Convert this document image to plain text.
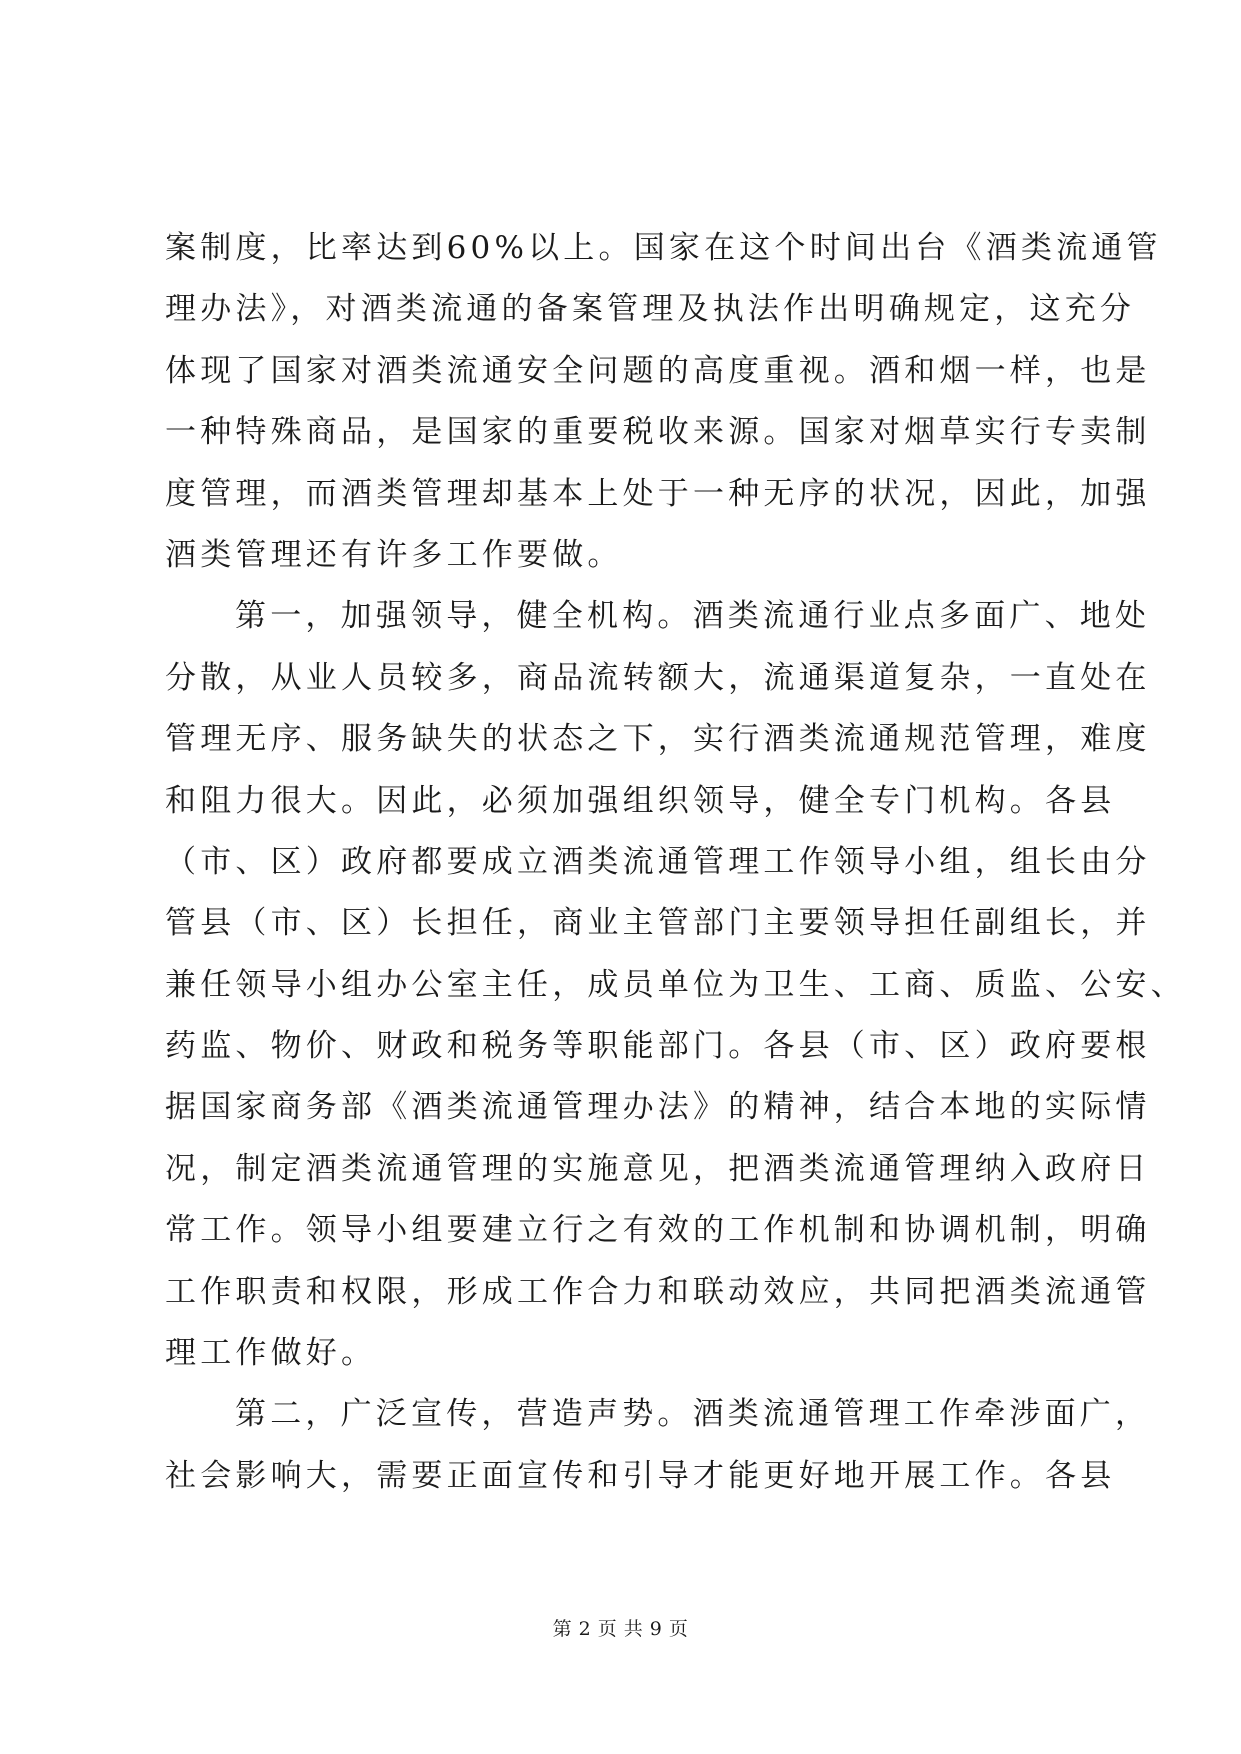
案制度，比率达到60%以上。国家在这个时间出台《酒类流通管
理办法》，对酒类流通的备案管理及执法作出明确规定，这充分
体现了国家对酒类流通安全问题的高度重视。酒和烟一样，也是
一种特殊商品，是国家的重要税收来源。国家对烟草实行专卖制
度管理，而酒类管理却基本上处于一种无序的状况，因此，加强
酒类管理还有许多工作要做。
第一，加强领导，健全机构。酒类流通行业点多面广、地处
分散，从业人员较多，商品流转额大，流通渠道复杂，一直处在
管理无序、服务缺失的状态之下，实行酒类流通规范管理，难度
和阻力很大。因此，必须加强组织领导，健全专门机构。各县
（市、区）政府都要成立酒类流通管理工作领导小组，组长由分
管县（市、区）长担任，商业主管部门主要领导担任副组长，并
兼任领导小组办公室主任，成员单位为卫生、工商、质监、公安、
药监、物价、财政和税务等职能部门。各县（市、区）政府要根
据国家商务部《酒类流通管理办法》的精神，结合本地的实际情
况，制定酒类流通管理的实施意见，把酒类流通管理纳入政府日
常工作。领导小组要建立行之有效的工作机制和协调机制，明确
工作职责和权限，形成工作合力和联动效应，共同把酒类流通管
理工作做好。
第二，广泛宣传，营造声势。酒类流通管理工作牵涉面广，
社会影响大，需要正面宣传和引导才能更好地开展工作。各县
第 2 页 共 9 页
